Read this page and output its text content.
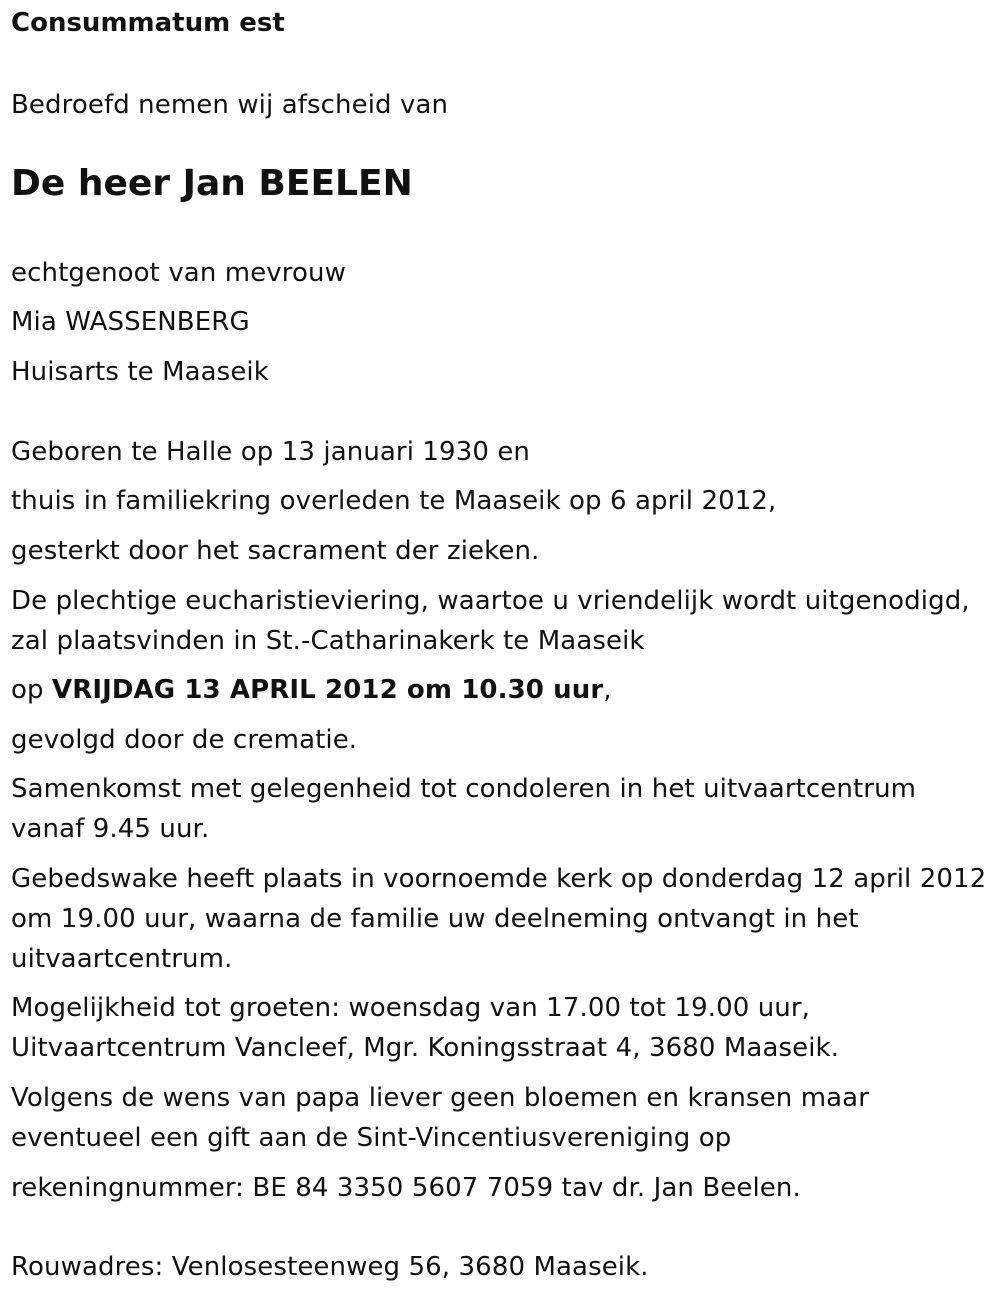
Consummatum est
Bedroefd nemen wij afscheid van
De heer Jan BEELEN
echtgenoot van mevrouw
Mia WASSENBERG
Huisarts te Maaseik
Geboren te Halle op 13 januari 1930 en
thuis in familiekring overleden te Maaseik op 6 april 2012,
gesterkt door het sacrament der zieken.
De plechtige eucharistieviering, waartoe u vriendelijk wordt uitgenodigd,
zal plaatsvinden in St.-Catharinakerk te Maaseik
op VRIJDAG 13 APRIL 2012 om 10.30 uur,
gevolgd door de crematie.
Samenkomst met gelegenheid tot condoleren in het uitvaartcentrum
vanaf 9.45 uur.
Gebedswake heeft plaats in voornoemde kerk op donderdag 12 april 2012
om 19.00 uur, waarna de familie uw deelneming ontvangt in het
uitvaartcentrum.
Mogelijkheid tot groeten: woensdag van 17.00 tot 19.00 uur,
Uitvaartcentrum Vancleef, Mgr. Koningsstraat 4, 3680 Maaseik.
Volgens de wens van papa liever geen bloemen en kransen maar
eventueel een gift aan de Sint-Vincentiusvereniging op
rekeningnummer: BE 84 3350 5607 7059 tav dr. Jan Beelen.
Rouwadres: Venlosesteenweg 56, 3680 Maaseik.
